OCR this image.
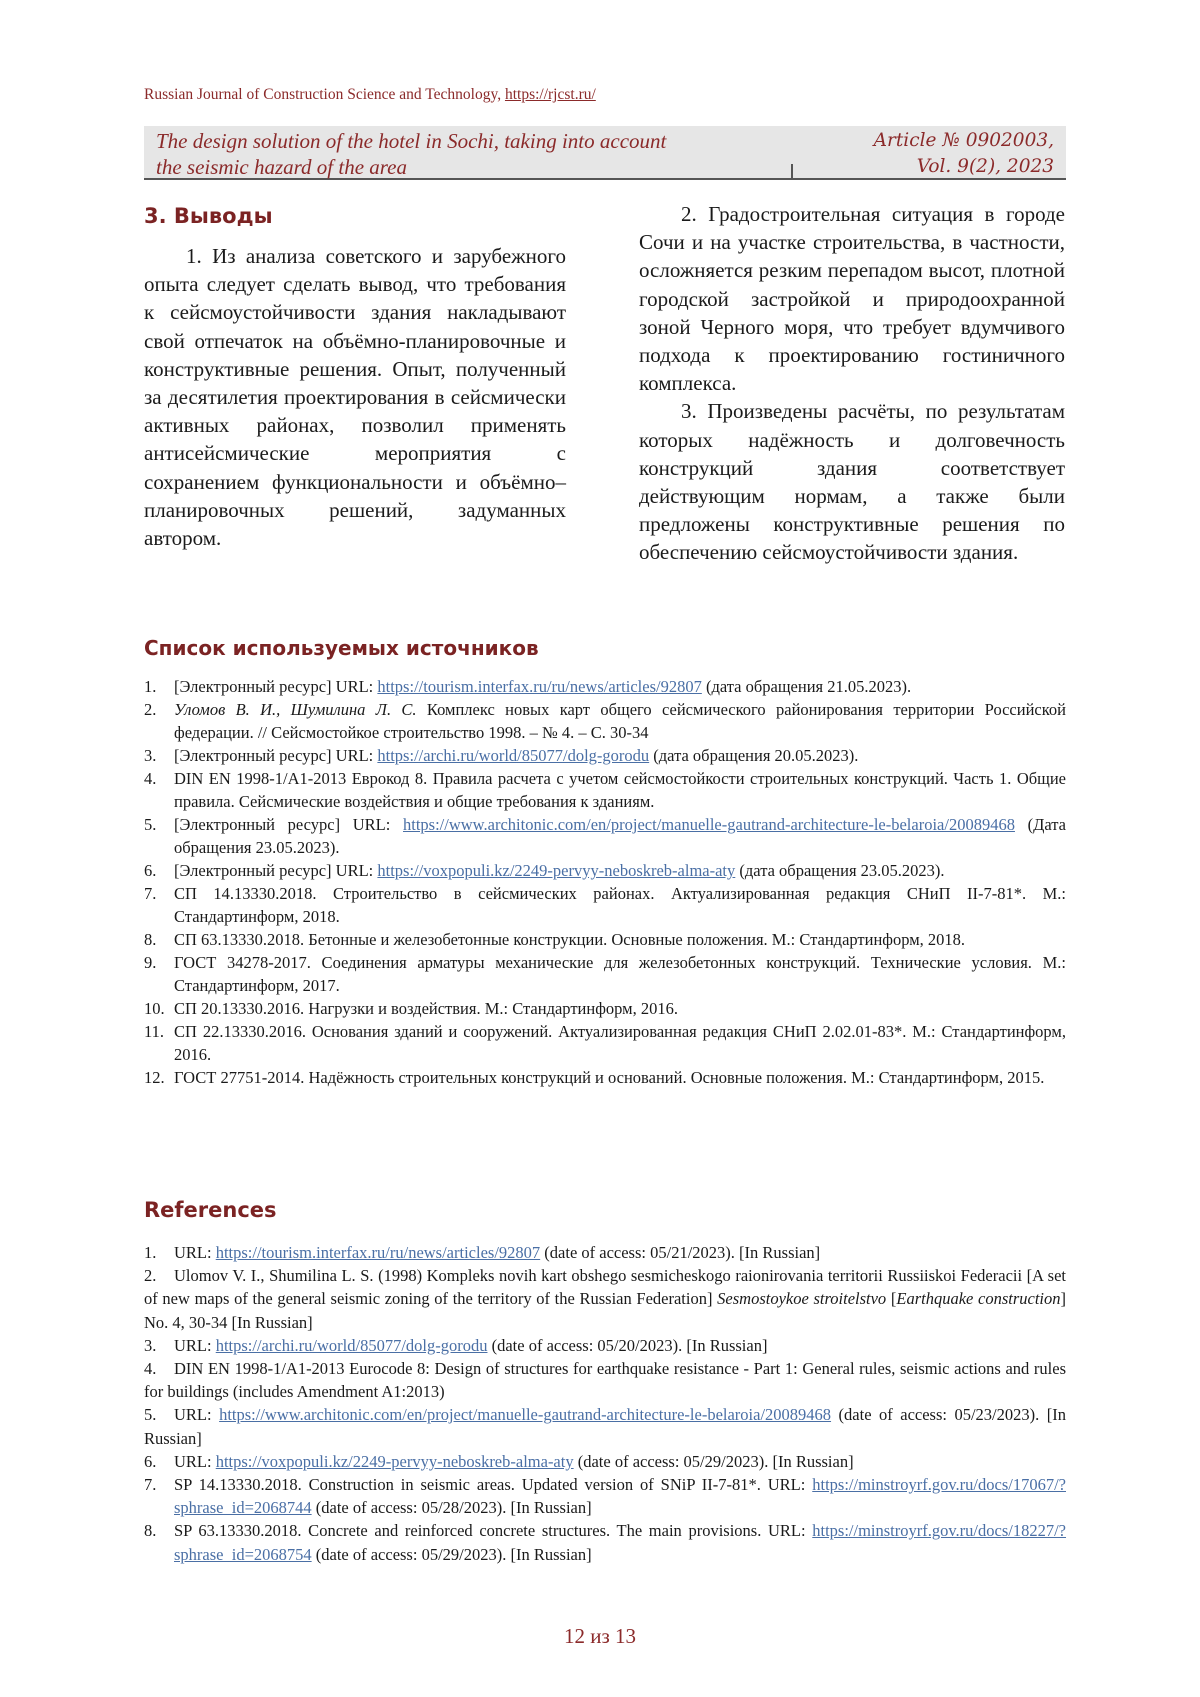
Russian Journal of Construction Science and Technology, https://rjcst.ru/
The design solution of the hotel in Sochi, taking into account
the seismic hazard of the area
Article № 0902003,
Vol. 9(2), 2023
3. Выводы

1. Из анализа советского и зарубежного опыта следует сделать вывод, что требования к сейсмоустойчивости здания накладывают свой отпечаток на объёмно-планировочные и конструктивные решения. Опыт, полученный за десятилетия проектирования в сейсмически активных районах, позволил применять антисейсмические мероприятия с сохранением функциональности и объёмно–планировочных решений, задуманных автором.

2. Градостроительная ситуация в городе Сочи и на участке строительства, в частности, осложняется резким перепадом высот, плотной городской застройкой и природоохранной зоной Черного моря, что требует вдумчивого подхода к проектированию гостиничного комплекса.

3. Произведены расчёты, по результатам которых надёжность и долговечность конструкций здания соответствует действующим нормам, а также были предложены конструктивные решения по обеспечению сейсмоустойчивости здания.

Список используемых источников
1. [Электронный ресурс] URL: https://tourism.interfax.ru/ru/news/articles/92807 (дата обращения 21.05.2023).
2. Уломов В. И., Шумилина Л. С. Комплекс новых карт общего сейсмического районирования территории Российской федерации. // Сейсмостойкое строительство 1998. – № 4. – С. 30-34
3. [Электронный ресурс] URL: https://archi.ru/world/85077/dolg-gorodu (дата обращения 20.05.2023).
4. DIN EN 1998-1/A1-2013 Еврокод 8. Правила расчета с учетом сейсмостойкости строительных конструкций. Часть 1. Общие правила. Сейсмические воздействия и общие требования к зданиям.
5. [Электронный ресурс] URL: https://www.architonic.com/en/project/manuelle-gautrand-architecture-le-belaroia/20089468 (Дата обращения 23.05.2023).
6. [Электронный ресурс] URL: https://voxpopuli.kz/2249-pervyy-neboskreb-alma-aty (дата обращения 23.05.2023).
7. СП 14.13330.2018. Строительство в сейсмических районах. Актуализированная редакция СНиП II-7-81*. М.: Стандартинформ, 2018.
8. СП 63.13330.2018. Бетонные и железобетонные конструкции. Основные положения. М.: Стандартинформ, 2018.
9. ГОСТ 34278-2017. Соединения арматуры механические для железобетонных конструкций. Технические условия. М.: Стандартинформ, 2017.
10. СП 20.13330.2016. Нагрузки и воздействия. М.: Стандартинформ, 2016.
11. СП 22.13330.2016. Основания зданий и сооружений. Актуализированная редакция СНиП 2.02.01-83*. М.: Стандартинформ, 2016.
12. ГОСТ 27751-2014. Надёжность строительных конструкций и оснований. Основные положения. М.: Стандартинформ, 2015.
References
1. URL: https://tourism.interfax.ru/ru/news/articles/92807 (date of access: 05/21/2023). [In Russian]
2. Ulomov V. I., Shumilina L. S. (1998) Kompleks novih kart obshego sesmicheskogo raionirovania territorii Russiiskoi Federacii [A set of new maps of the general seismic zoning of the territory of the Russian Federation] Sesmostoykoe stroitelstvo [Earthquake construction] No. 4, 30-34 [In Russian]
3. URL: https://archi.ru/world/85077/dolg-gorodu (date of access: 05/20/2023). [In Russian]
4. DIN EN 1998-1/A1-2013 Eurocode 8: Design of structures for earthquake resistance - Part 1: General rules, seismic actions and rules for buildings (includes Amendment A1:2013)
5. URL: https://www.architonic.com/en/project/manuelle-gautrand-architecture-le-belaroia/20089468 (date of access: 05/23/2023). [In Russian]
6. URL: https://voxpopuli.kz/2249-pervyy-neboskreb-alma-aty (date of access: 05/29/2023). [In Russian]
7. SP 14.13330.2018. Construction in seismic areas. Updated version of SNiP II-7-81*. URL: https://minstroyrf.gov.ru/docs/17067/?sphrase_id=2068744 (date of access: 05/28/2023). [In Russian]
8. SP 63.13330.2018. Concrete and reinforced concrete structures. The main provisions. URL: https://minstroyrf.gov.ru/docs/18227/?sphrase_id=2068754 (date of access: 05/29/2023). [In Russian]
12 из 13
